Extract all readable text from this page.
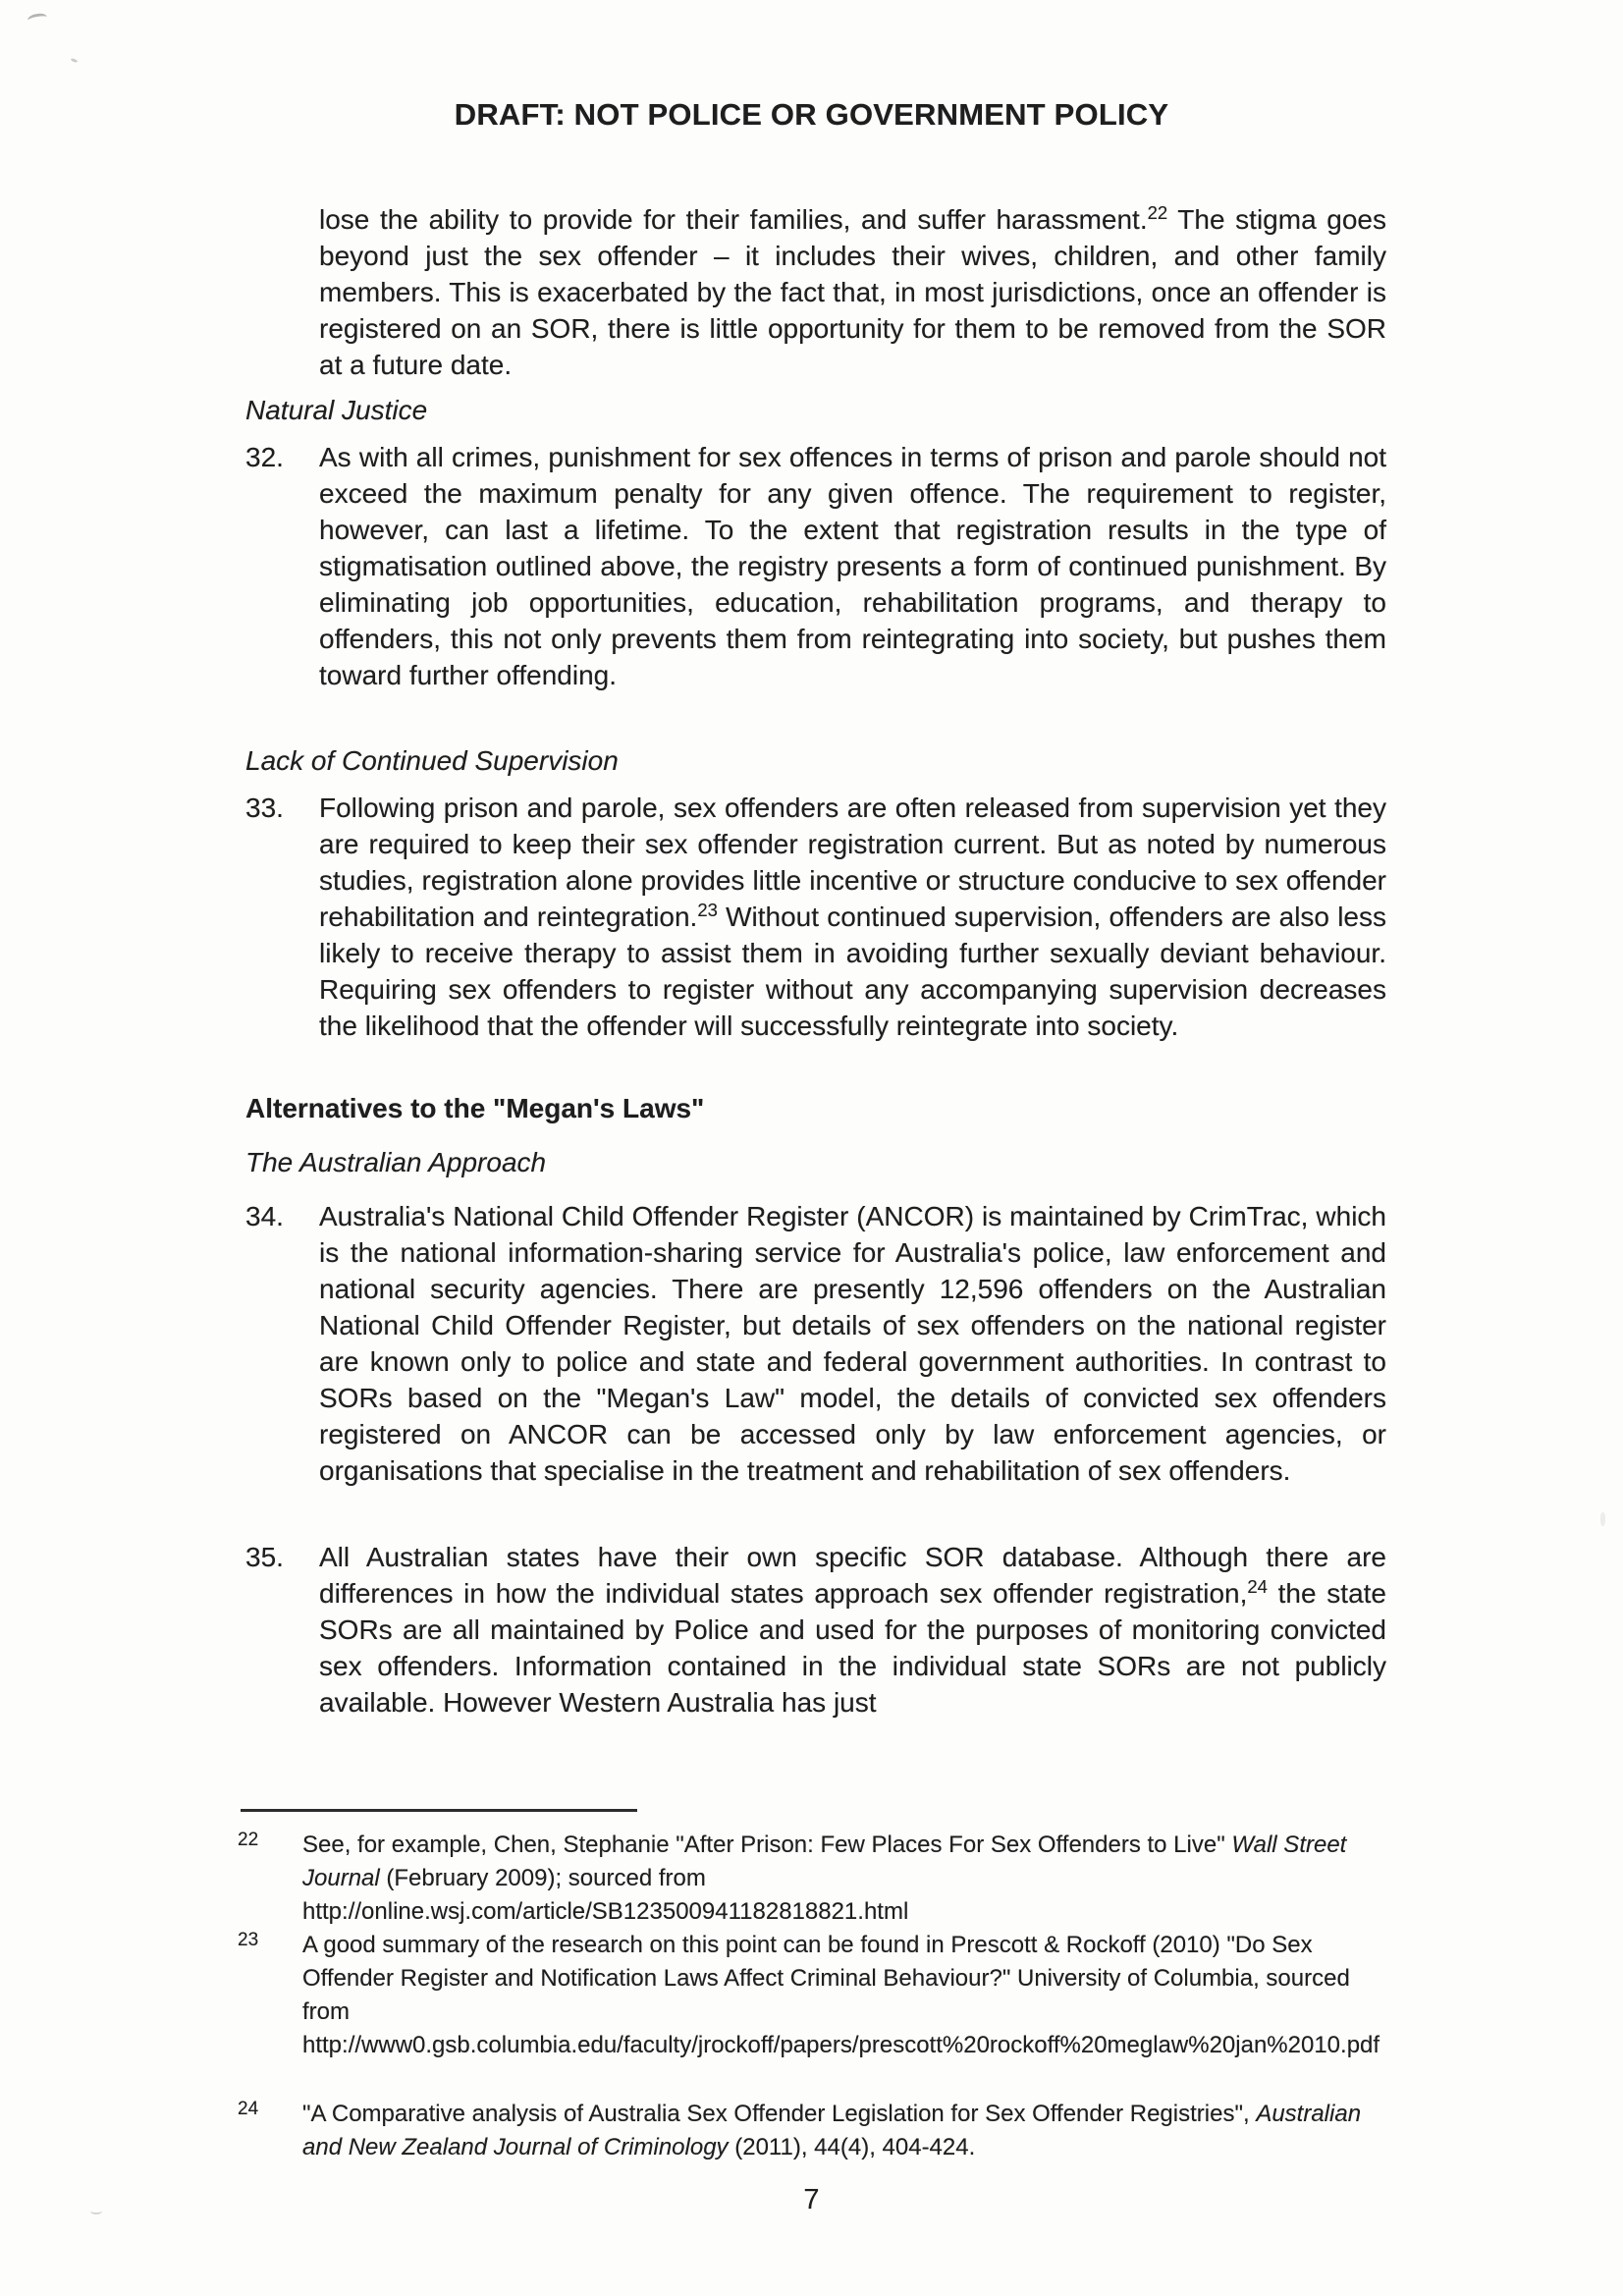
DRAFT: NOT POLICE OR GOVERNMENT POLICY
lose the ability to provide for their families, and suffer harassment.$^{22}$ The stigma goes beyond just the sex offender – it includes their wives, children, and other family members. This is exacerbated by the fact that, in most jurisdictions, once an offender is registered on an SOR, there is little opportunity for them to be removed from the SOR at a future date.
Natural Justice
32. As with all crimes, punishment for sex offences in terms of prison and parole should not exceed the maximum penalty for any given offence. The requirement to register, however, can last a lifetime. To the extent that registration results in the type of stigmatisation outlined above, the registry presents a form of continued punishment. By eliminating job opportunities, education, rehabilitation programs, and therapy to offenders, this not only prevents them from reintegrating into society, but pushes them toward further offending.
Lack of Continued Supervision
33. Following prison and parole, sex offenders are often released from supervision yet they are required to keep their sex offender registration current. But as noted by numerous studies, registration alone provides little incentive or structure conducive to sex offender rehabilitation and reintegration.$^{23}$ Without continued supervision, offenders are also less likely to receive therapy to assist them in avoiding further sexually deviant behaviour. Requiring sex offenders to register without any accompanying supervision decreases the likelihood that the offender will successfully reintegrate into society.
Alternatives to the "Megan's Laws"
The Australian Approach
34. Australia's National Child Offender Register (ANCOR) is maintained by CrimTrac, which is the national information-sharing service for Australia's police, law enforcement and national security agencies. There are presently 12,596 offenders on the Australian National Child Offender Register, but details of sex offenders on the national register are known only to police and state and federal government authorities. In contrast to SORs based on the "Megan's Law" model, the details of convicted sex offenders registered on ANCOR can be accessed only by law enforcement agencies, or organisations that specialise in the treatment and rehabilitation of sex offenders.
35. All Australian states have their own specific SOR database. Although there are differences in how the individual states approach sex offender registration,$^{24}$ the state SORs are all maintained by Police and used for the purposes of monitoring convicted sex offenders. Information contained in the individual state SORs are not publicly available. However Western Australia has just
22 See, for example, Chen, Stephanie "After Prison: Few Places For Sex Offenders to Live" Wall Street Journal (February 2009); sourced from
http://online.wsj.com/article/SB123500941182818821.html
23 A good summary of the research on this point can be found in Prescott & Rockoff (2010) "Do Sex Offender Register and Notification Laws Affect Criminal Behaviour?" University of Columbia, sourced from
http://www0.gsb.columbia.edu/faculty/jrockoff/papers/prescott%20rockoff%20meglaw%20jan%2010.pdf
24 "A Comparative analysis of Australia Sex Offender Legislation for Sex Offender Registries", Australian and New Zealand Journal of Criminology (2011), 44(4), 404-424.
7
